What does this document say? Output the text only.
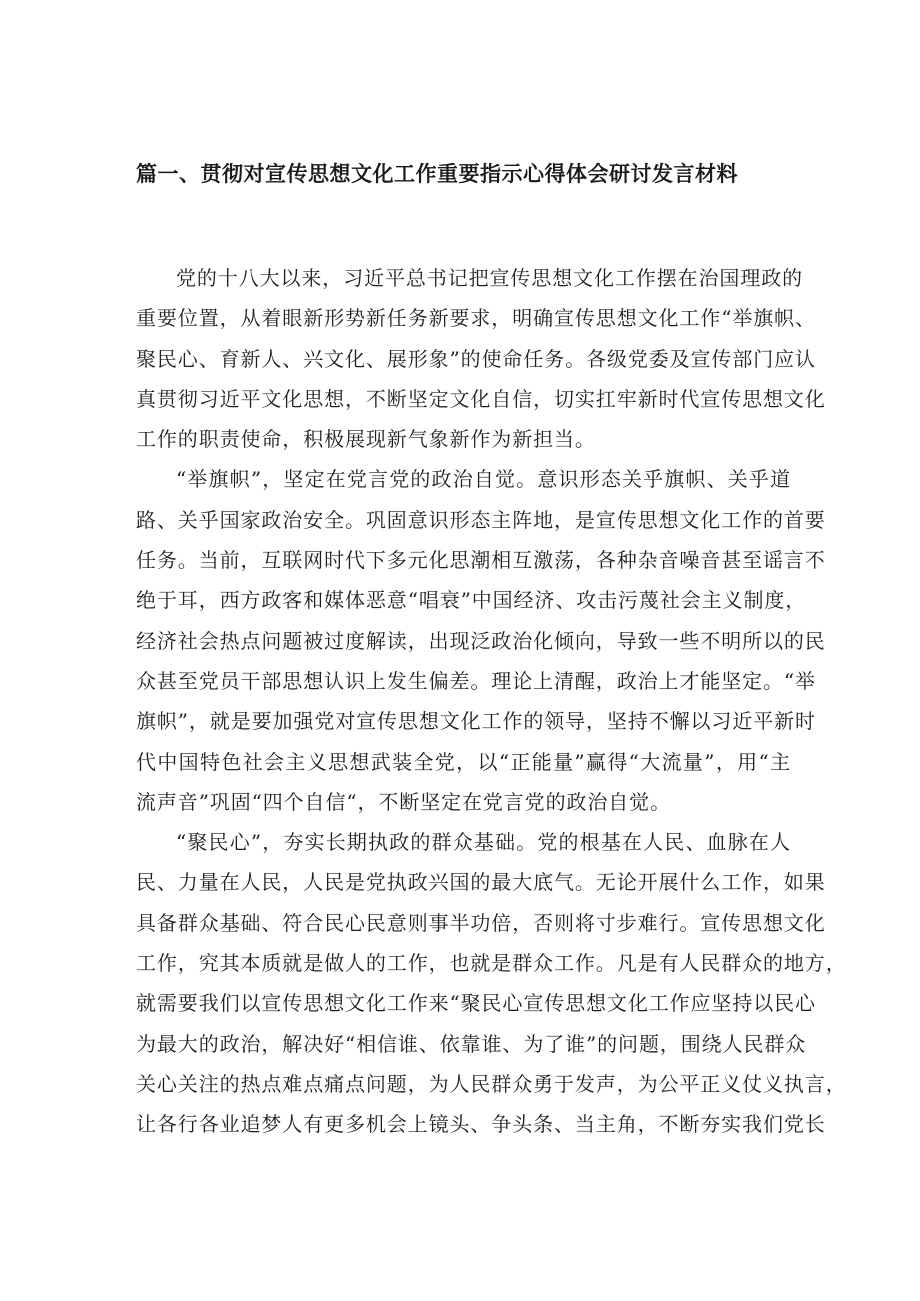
篇一、贯彻对宣传思想文化工作重要指示心得体会研讨发言材料

党的十八大以来，习近平总书记把宣传思想文化工作摆在治国理政的
重要位置，从着眼新形势新任务新要求，明确宣传思想文化工作“举旗帜、
聚民心、育新人、兴文化、展形象”的使命任务。各级党委及宣传部门应认
真贯彻习近平文化思想，不断坚定文化自信，切实扛牢新时代宣传思想文化
工作的职责使命，积极展现新气象新作为新担当。

“举旗帜”，坚定在党言党的政治自觉。意识形态关乎旗帜、关乎道
路、关乎国家政治安全。巩固意识形态主阵地，是宣传思想文化工作的首要
任务。当前，互联网时代下多元化思潮相互激荡，各种杂音噪音甚至谣言不
绝于耳，西方政客和媒体恶意“唱衰”中国经济、攻击污蔑社会主义制度，
经济社会热点问题被过度解读，出现泛政治化倾向，导致一些不明所以的民
众甚至党员干部思想认识上发生偏差。理论上清醒，政治上才能坚定。“举
旗帜”，就是要加强党对宣传思想文化工作的领导，坚持不懈以习近平新时
代中国特色社会主义思想武装全党，以“正能量”赢得“大流量”，用“主
流声音”巩固“四个自信“，不断坚定在党言党的政治自觉。

“聚民心”，夯实长期执政的群众基础。党的根基在人民、血脉在人
民、力量在人民，人民是党执政兴国的最大底气。无论开展什么工作，如果
具备群众基础、符合民心民意则事半功倍，否则将寸步难行。宣传思想文化
工作，究其本质就是做人的工作，也就是群众工作。凡是有人民群众的地方，
就需要我们以宣传思想文化工作来“聚民心宣传思想文化工作应坚持以民心
为最大的政治，解决好“相信谁、依靠谁、为了谁”的问题，围绕人民群众
关心关注的热点难点痛点问题，为人民群众勇于发声，为公平正义仗义执言，
让各行各业追梦人有更多机会上镜头、争头条、当主角，不断夯实我们党长
